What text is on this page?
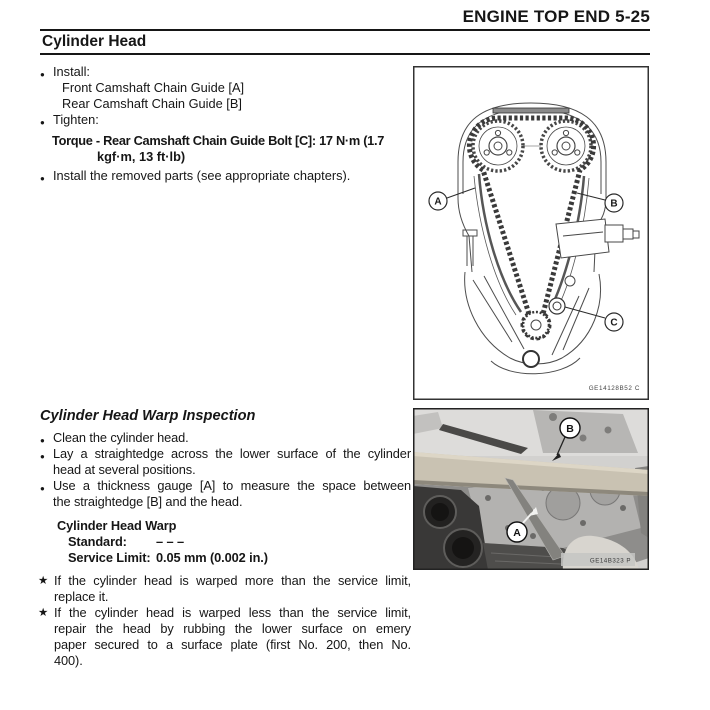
ENGINE TOP END 5-25
Cylinder Head

● Install:

Front Camshaft Chain Guide [A]

Rear Camshaft Chain Guide [B]

● Tighten:

Torque - Rear Camshaft Chain Guide Bolt [C]: 17 N·m (1.7

kgf·m, 13 ft·lb)

● Install the removed parts (see appropriate chapters).

A	B
C
GE14128B52 C
Cylinder Head Warp Inspection

● Clean the cylinder head.

● Lay a straightedge across the lower surface of the cylinder
head at several positions.

● Use a thickness gauge [A] to measure the space between
the straightedge [B] and the head.

Cylinder Head Warp

Standard: – – –

Service Limit: 0.05 mm (0.002 in.)

★ If the cylinder head is warped more than the service limit,
replace it.

★ If the cylinder head is warped less than the service limit,
repair the head by rubbing the lower surface on emery
paper secured to a surface plate (first No. 200, then No.
400).

B
A
GE14B323 P
